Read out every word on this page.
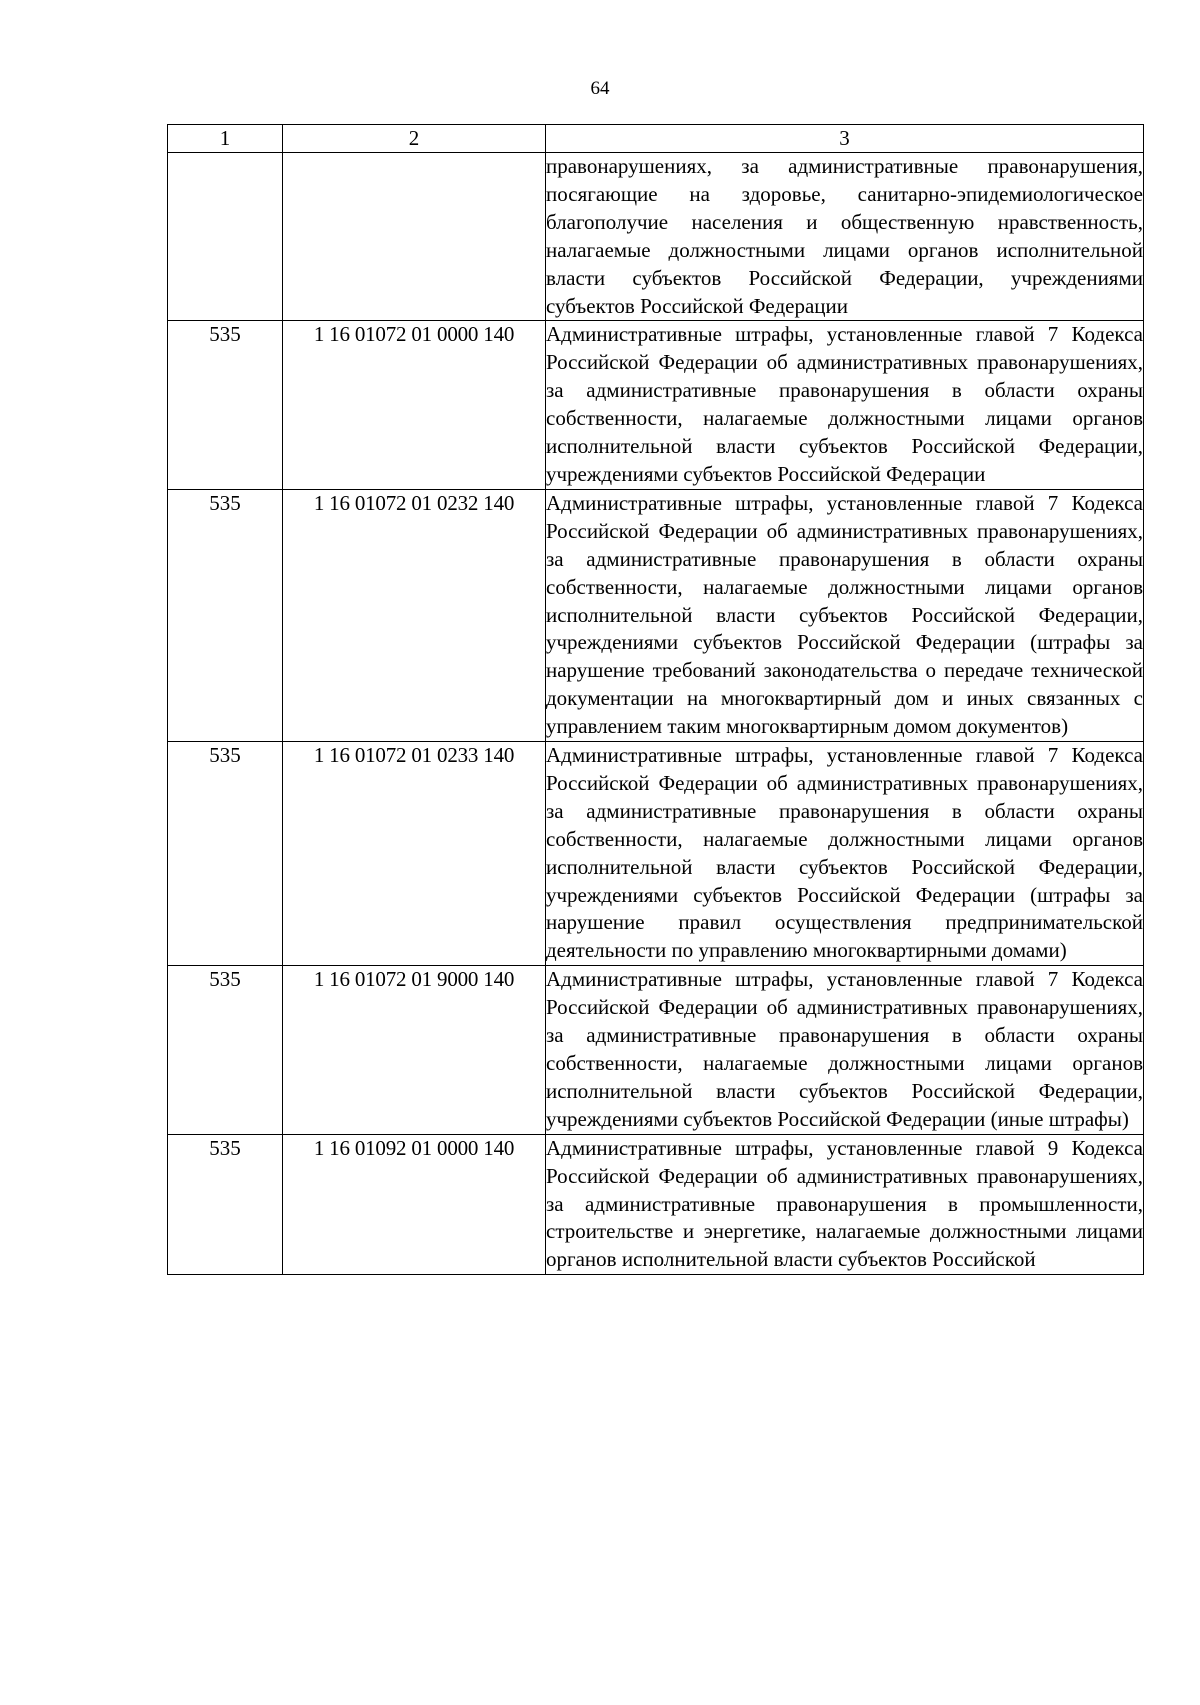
64
1	2	3
		правонарушениях, за административные правонарушения, посягающие на здоровье, санитарно-эпидемиологическое благополучие населения и общественную нравственность, налагаемые должностными лицами органов исполнительной власти субъектов Российской Федерации, учреждениями субъектов Российской Федерации
535	1 16 01072 01 0000 140	Административные штрафы, установленные главой 7 Кодекса Российской Федерации об административных правонарушениях, за административные правонарушения в области охраны собственности, налагаемые должностными лицами органов исполнительной власти субъектов Российской Федерации, учреждениями субъектов Российской Федерации
535	1 16 01072 01 0232 140	Административные штрафы, установленные главой 7 Кодекса Российской Федерации об административных правонарушениях, за административные правонарушения в области охраны собственности, налагаемые должностными лицами органов исполнительной власти субъектов Российской Федерации, учреждениями субъектов Российской Федерации (штрафы за нарушение требований законодательства о передаче технической документации на многоквартирный дом и иных связанных с управлением таким многоквартирным домом документов)
535	1 16 01072 01 0233 140	Административные штрафы, установленные главой 7 Кодекса Российской Федерации об административных правонарушениях, за административные правонарушения в области охраны собственности, налагаемые должностными лицами органов исполнительной власти субъектов Российской Федерации, учреждениями субъектов Российской Федерации (штрафы за нарушение правил осуществления предпринимательской деятельности по управлению многоквартирными домами)
535	1 16 01072 01 9000 140	Административные штрафы, установленные главой 7 Кодекса Российской Федерации об административных правонарушениях, за административные правонарушения в области охраны собственности, налагаемые должностными лицами органов исполнительной власти субъектов Российской Федерации, учреждениями субъектов Российской Федерации (иные штрафы)
535	1 16 01092 01 0000 140	Административные штрафы, установленные главой 9 Кодекса Российской Федерации об административных правонарушениях, за административные правонарушения в промышленности, строительстве и энергетике, налагаемые должностными лицами органов исполнительной власти субъектов Российской
